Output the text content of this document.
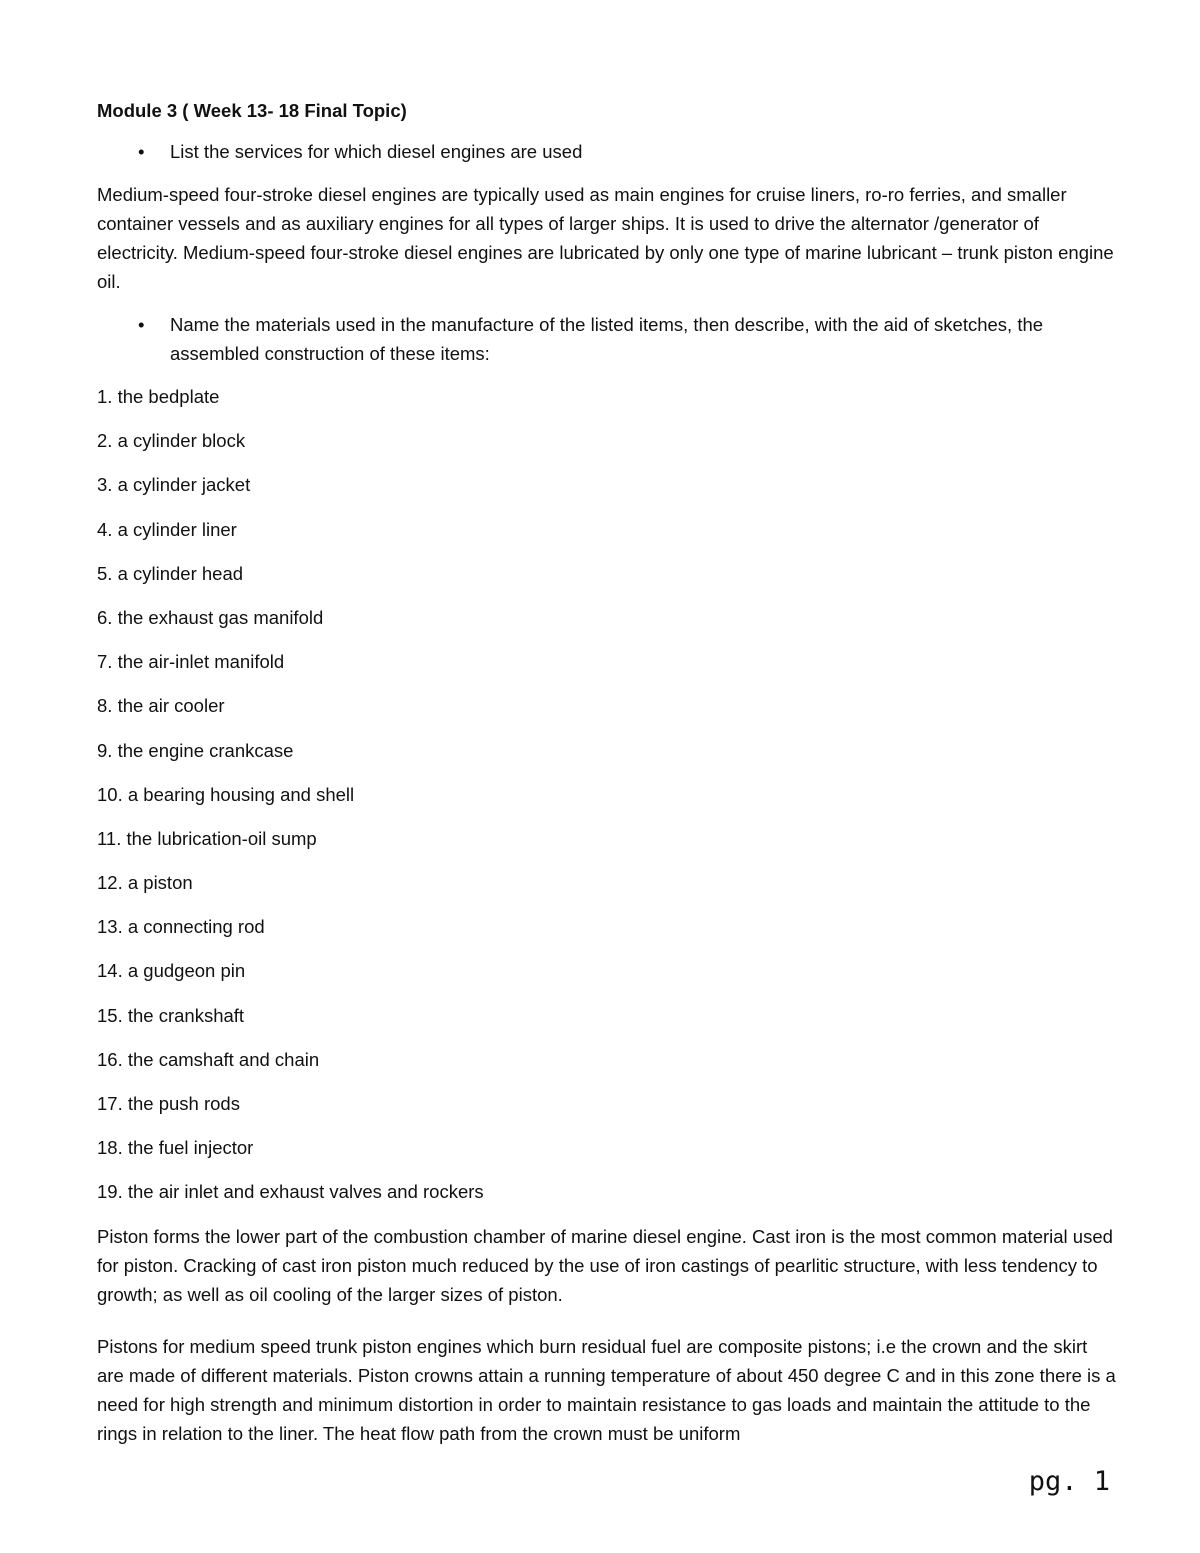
Module 3 ( Week 13- 18 Final Topic)

• List the services for which diesel engines are used

Medium-speed four-stroke diesel engines are typically used as main engines for cruise liners, ro-ro ferries, and smaller container vessels and as auxiliary engines for all types of larger ships. It is used to drive the alternator /generator of electricity. Medium-speed four-stroke diesel engines are lubricated by only one type of marine lubricant – trunk piston engine oil.

• Name the materials used in the manufacture of the listed items, then describe, with the aid of sketches, the assembled construction of these items:
1. the bedplate
2. a cylinder block
3. a cylinder jacket
4. a cylinder liner
5. a cylinder head
6. the exhaust gas manifold
7. the air-inlet manifold
8. the air cooler
9. the engine crankcase
10. a bearing housing and shell
11. the lubrication-oil sump
12. a piston
13. a connecting rod
14. a gudgeon pin
15. the crankshaft
16. the camshaft and chain
17. the push rods
18. the fuel injector
19. the air inlet and exhaust valves and rockers

Piston forms the lower part of the combustion chamber of marine diesel engine. Cast iron is the most common material used for piston. Cracking of cast iron piston much reduced by the use of iron castings of pearlitic structure, with less tendency to growth; as well as oil cooling of the larger sizes of piston.

Pistons for medium speed trunk piston engines which burn residual fuel are composite pistons; i.e the crown and the skirt are made of different materials. Piston crowns attain a running temperature of about 450 degree C and in this zone there is a need for high strength and minimum distortion in order to maintain resistance to gas loads and maintain the attitude to the rings in relation to the liner. The heat flow path from the crown must be uniform

pg. 1
